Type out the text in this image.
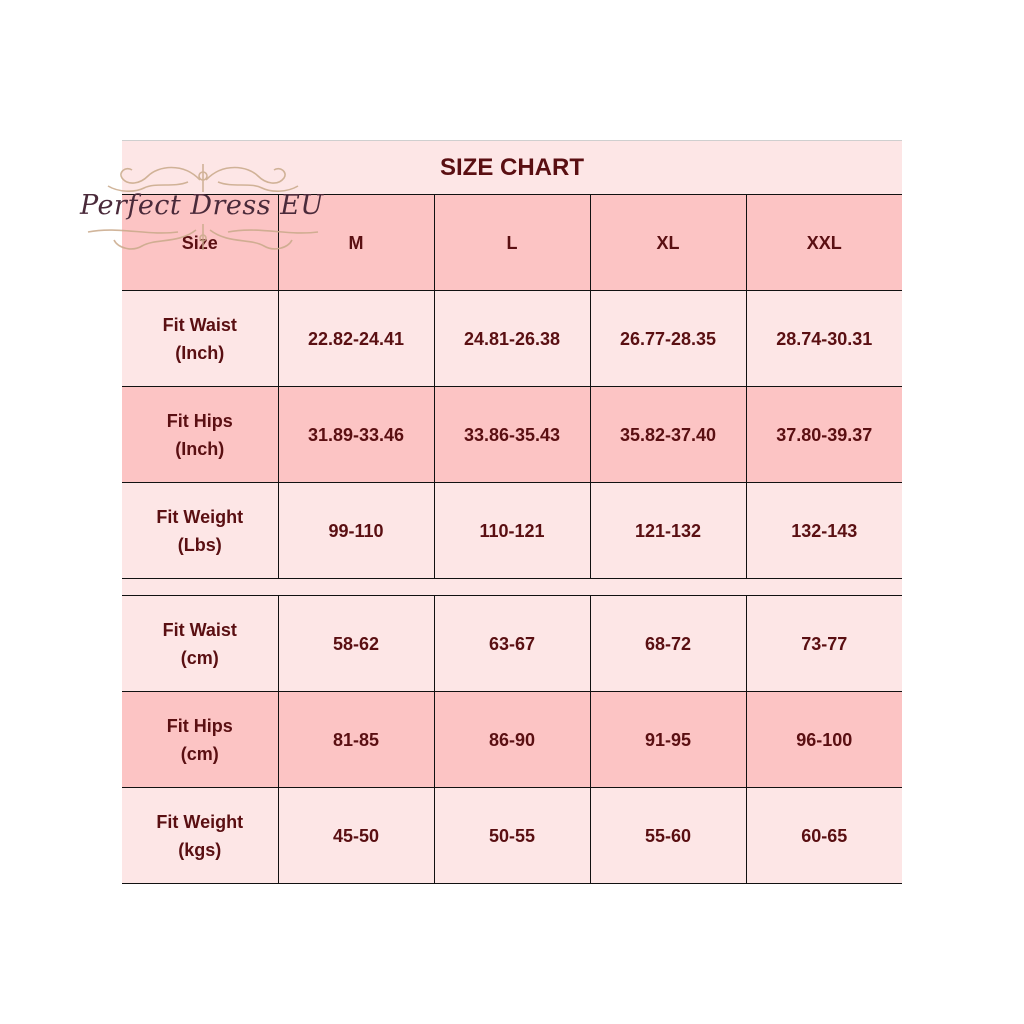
SIZE CHART
Size	M	L	XL	XXL
Fit Waist
(Inch)	22.82-24.41	24.81-26.38	26.77-28.35	28.74-30.31
Fit Hips
(Inch)	31.89-33.46	33.86-35.43	35.82-37.40	37.80-39.37
Fit Weight
(Lbs)	99-110	110-121	121-132	132-143

Fit Waist
(cm)	58-62	63-67	68-72	73-77
Fit Hips
(cm)	81-85	86-90	91-95	96-100
Fit Weight
(kgs)	45-50	50-55	55-60	60-65
Perfect Dress EU
